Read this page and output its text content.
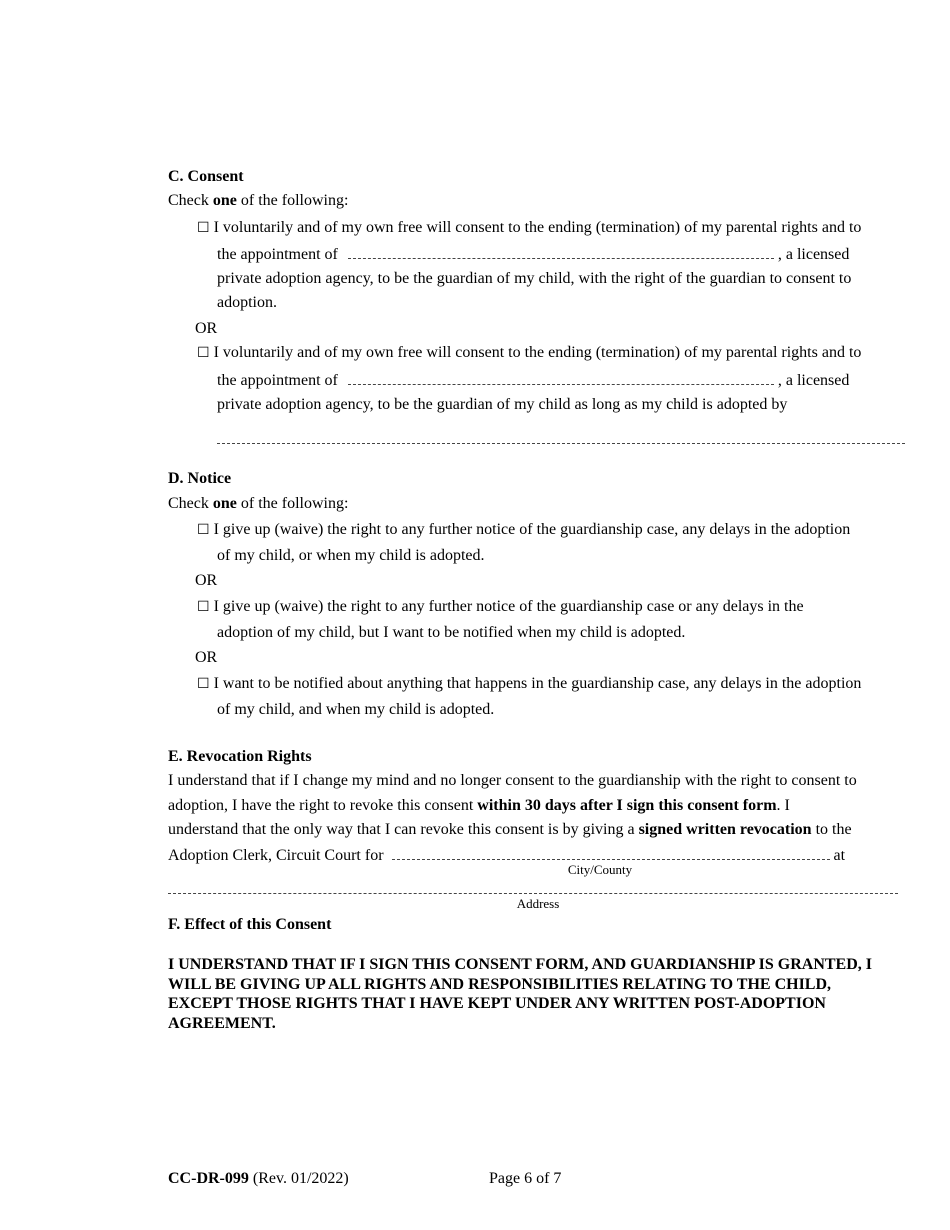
C. Consent
Check one of the following:
☐ I voluntarily and of my own free will consent to the ending (termination) of my parental rights and to
the appointment of	, a licensed
private adoption agency, to be the guardian of my child, with the right of the guardian to consent to
adoption.
OR
☐ I voluntarily and of my own free will consent to the ending (termination) of my parental rights and to
the appointment of	, a licensed
private adoption agency, to be the guardian of my child as long as my child is adopted by
D. Notice
Check one of the following:
☐ I give up (waive) the right to any further notice of the guardianship case, any delays in the adoption
of my child, or when my child is adopted.
OR
☐ I give up (waive) the right to any further notice of the guardianship case or any delays in the
adoption of my child, but I want to be notified when my child is adopted.
OR
☐ I want to be notified about anything that happens in the guardianship case, any delays in the adoption
of my child, and when my child is adopted.
E. Revocation Rights
I understand that if I change my mind and no longer consent to the guardianship with the right to consent to
adoption, I have the right to revoke this consent within 30 days after I sign this consent form. I
understand that the only way that I can revoke this consent is by giving a signed written revocation to the
Adoption Clerk, Circuit Court for	at
City/County
Address
F. Effect of this Consent
I UNDERSTAND THAT IF I SIGN THIS CONSENT FORM, AND GUARDIANSHIP IS GRANTED, I WILL BE GIVING UP ALL RIGHTS AND RESPONSIBILITIES RELATING TO THE CHILD, EXCEPT THOSE RIGHTS THAT I HAVE KEPT UNDER ANY WRITTEN POST-ADOPTION AGREEMENT.
CC-DR-099 (Rev. 01/2022)	Page 6 of 7
